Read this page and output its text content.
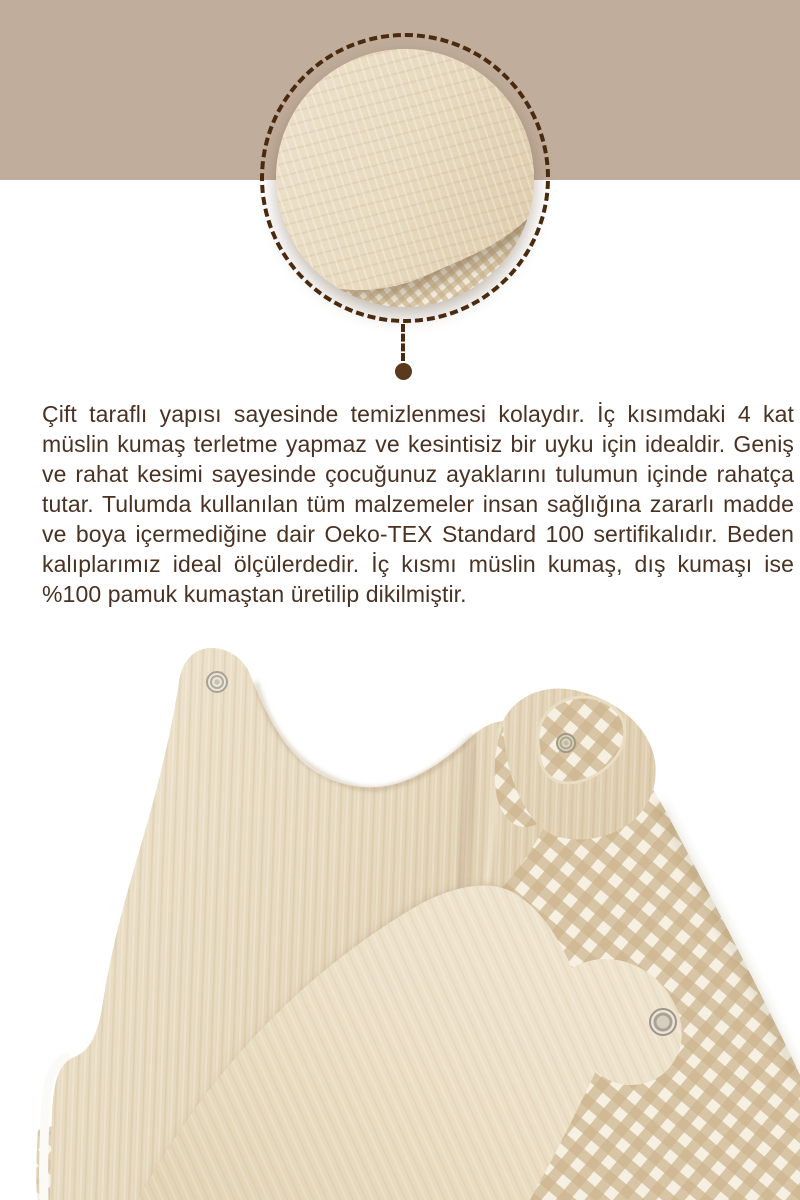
Çift taraflı yapısı sayesinde temizlenmesi kolaydır. İç kısımdaki 4 kat müslin kumaş terletme yapmaz ve kesintisiz bir uyku için idealdir. Geniş ve rahat kesimi sayesinde çocuğunuz ayaklarını tulumun içinde rahatça tutar. Tulumda kullanılan tüm malzemeler insan sağlığına zararlı madde ve boya içermediğine dair Oeko-TEX Standard 100 sertifikalıdır. Beden kalıplarımız ideal ölçülerdedir. İç kısmı müslin kumaş, dış kumaşı ise %100 pamuk kumaştan üretilip dikilmiştir.
